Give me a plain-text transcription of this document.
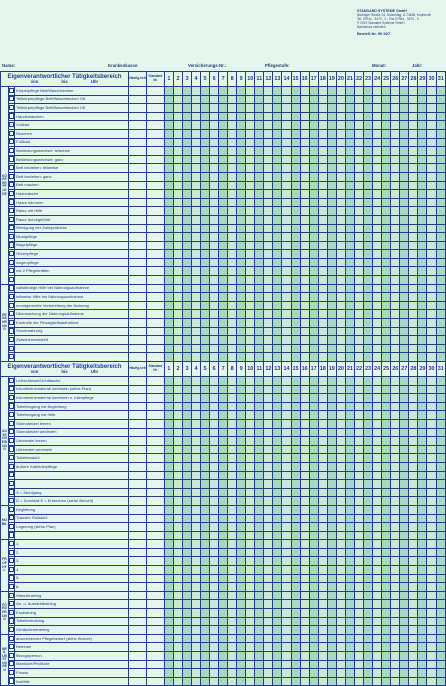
STANDARD SYSTEME GmbH
Nürtinger Straße 24, Gutschlag, D-74635, Kupferzell
Tel. 07944 - 9470 - 0 · Fax 07944 - 9470 - 0
© 2019 Standard Systeme GmbH
Nachdruck verboten
Bestell-Nr. 90 007
Name:	Krankenkasse:	Versicherungs-Nr.:	Pflegestufe:	Monat:	Jahr:
Eigenverantwortlicher Tätigkeitsbereich
von bis Uhr			Häufig-keit	Standard Nr.	1	2	3	4	5	6	7	8	9	10	11	12	13	14	15	16	17	18	19	20	21	22	23	24	25	26	27	28	29	30	31

KÖRPERPFLEGE		Körperpflege Bett/Waschbecken																																	
		Teilkörperpflege Bett/Waschbecken OK																																	
		Teilkörperpflege Bett/Waschbecken UK																																	
		Händewaschen																																	
		Vollbad																																	
		Duschen																																	
		Fußbad																																	
		Bekleidungswechsel: teilweise																																	
		Bekleidungswechsel: ganz																																	
		Bett beziehen: teilweise																																	
		Bett beziehen: ganz																																	
		Bett machen																																	
		Haarwäsche																																	
		Haare kämmen																																	
		Rasur mit Hilfe																																	
		Rasur durchgeführt																																	
		Reinigung der Zahnprothese																																	
		Mundpflege																																	
		Nagelpflege																																	
		Ohrenpflege																																	
		Augenpflege																																	
		mit 2 Pflegekräften																																	

ERNÄHRUNG		vollständige Hilfe bei Nahrungsaufnahme																																	
		teilweise Hilfe bei Nahrungsaufnahme																																	
		mundgerechte Vorbereitung der Nahrung																																	
		Überwachung der Nahrungsaufnahme																																	
		Kontrolle der Flüssigkeitsaufnahme																																	
		Sondenahrung																																	
		Zwischenmahlzeit																																	

Eigenverantwortlicher Tätigkeitsbereich
von bis Uhr			Häufig-keit	Standard Nr.	1	2	3	4	5	6	7	8	9	10	11	12	13	14	15	16	17	18	19	20	21	22	23	24	25	26	27	28	29	30	31

AUSSCHEIDUNG		Leibschüssel/Urinflasche																																	
		Inkontinenzmaterial wechseln (siehe Plan)																																	
		Inkontinenzmaterial wechseln u. Intimpflege																																	
		Toilettengang mit Begleitung																																	
		Toilettengang mit Hilfe																																	
		Stomabeutel leeren																																	
		Stomabeutel wechseln																																	
		Urinbeutel leeren																																	
		Urinbeutel wechseln																																	
		Toilettenstuhl																																	
		äußere Kathederpflege																																	

		S = Stuhlgang																																	
		D = Durchfall E = Erbrechen (siehe Bericht)																																	

MOBIL		Begleitung																																	
		Transfer Rollstuhl																																	
		Lagerung (siehe Plan)																																	

PROPHYL		1.																																	
		2.																																	
		3.																																	
		4.																																	
		5.																																	
		6.																																	

FÖRDERUNG		Waschtraining																																	
		An- u. Auskleidtraining																																	
		Esstraining																																	
		Toilettentraining																																	
		Gedächtnistraining																																	

INFO. LEISTUNGEN		abweichender Pflegebedarf (siehe Bericht)																																	
		Betreuer																																	
		Bezugsperson																																	
		Maniküre/Pediküre																																	
		Friseur																																	
		Notfälle																																	
